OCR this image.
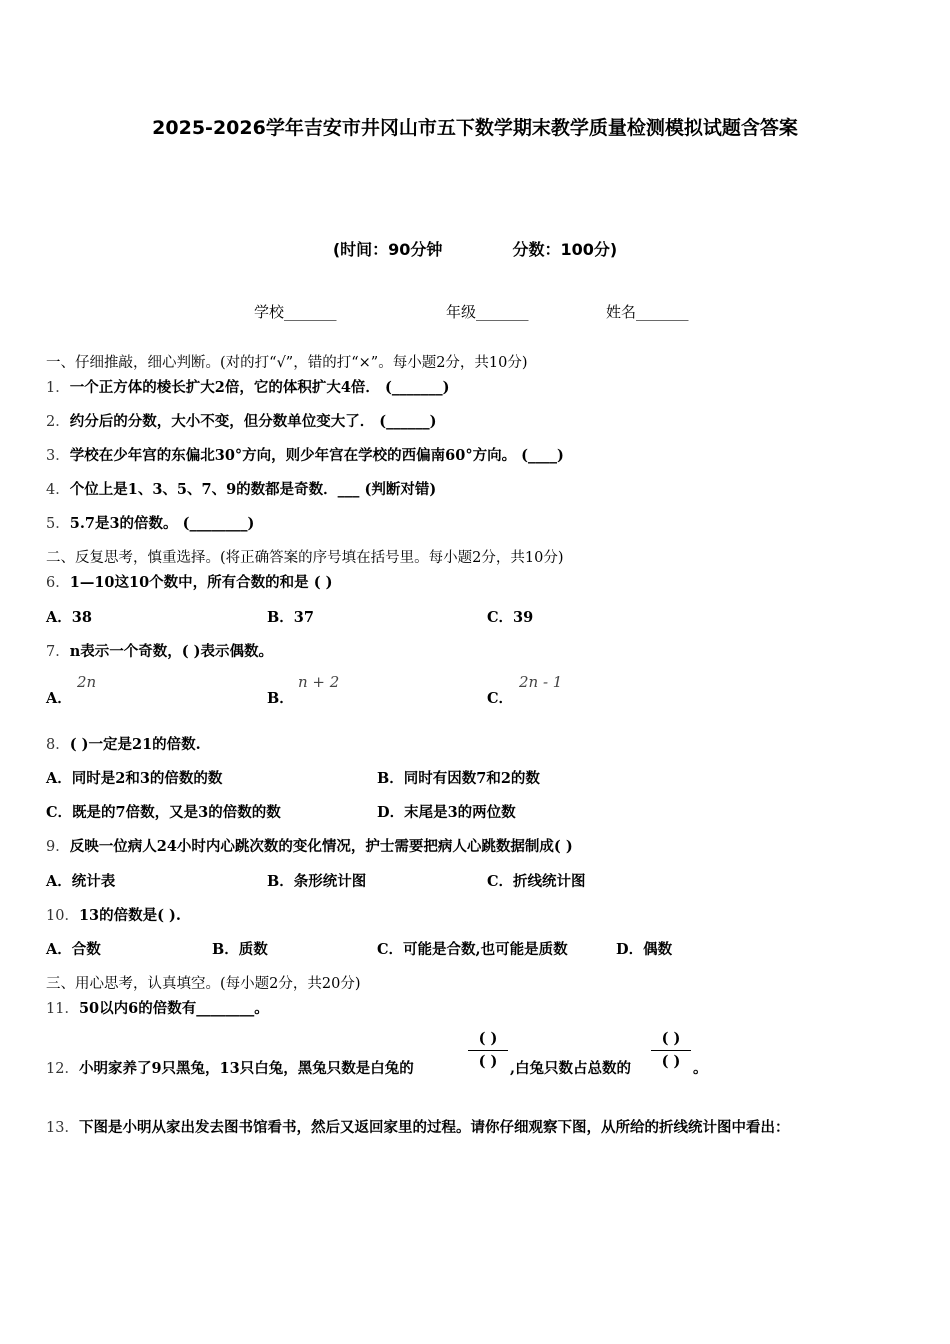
2025-2026学年吉安市井冈山市五下数学期末教学质量检测模拟试题含答案
(时间：90分钟	分数：100分)
学校_______	年级_______	姓名_______
一、仔细推敲，细心判断。(对的打“√”，错的打“×”。每小题2分，共10分)
1．一个正方体的棱长扩大2倍，它的体积扩大4倍． (_______)
2．约分后的分数，大小不变，但分数单位变大了． (______)
3．学校在少年宫的东偏北30°方向，则少年宫在学校的西偏南60°方向。 (____)
4．个位上是1、3、5、7、9的数都是奇数．___ (判断对错)
5．5.7是3的倍数。 (________)
二、反复思考，慎重选择。(将正确答案的序号填在括号里。每小题2分，共10分)
6．1—10这10个数中，所有合数的和是 ( )
A．38	B．37	C．39
7．n表示一个奇数，( )表示偶数。
A．
2n
B．
n + 2
C．
2n - 1
8．( )一定是21的倍数.
A．同时是2和3的倍数的数	B．同时有因数7和2的数
C．既是的7倍数，又是3的倍数的数	D．末尾是3的两位数
9．反映一位病人24小时内心跳次数的变化情况，护士需要把病人心跳数据制成( )
A．统计表	B．条形统计图	C．折线统计图
10．13的倍数是( ).
A．合数	B．质数	C．可能是合数,也可能是质数	D．偶数
三、用心思考，认真填空。(每小题2分，共20分)
11．50以内6的倍数有________。
12．小明家养了9只黑兔，13只白兔，黑兔只数是白兔的
( )
( ) ,白兔只数占总数的
( )
( ) 。
13．下图是小明从家出发去图书馆看书，然后又返回家里的过程。请你仔细观察下图，从所给的折线统计图中看出：
